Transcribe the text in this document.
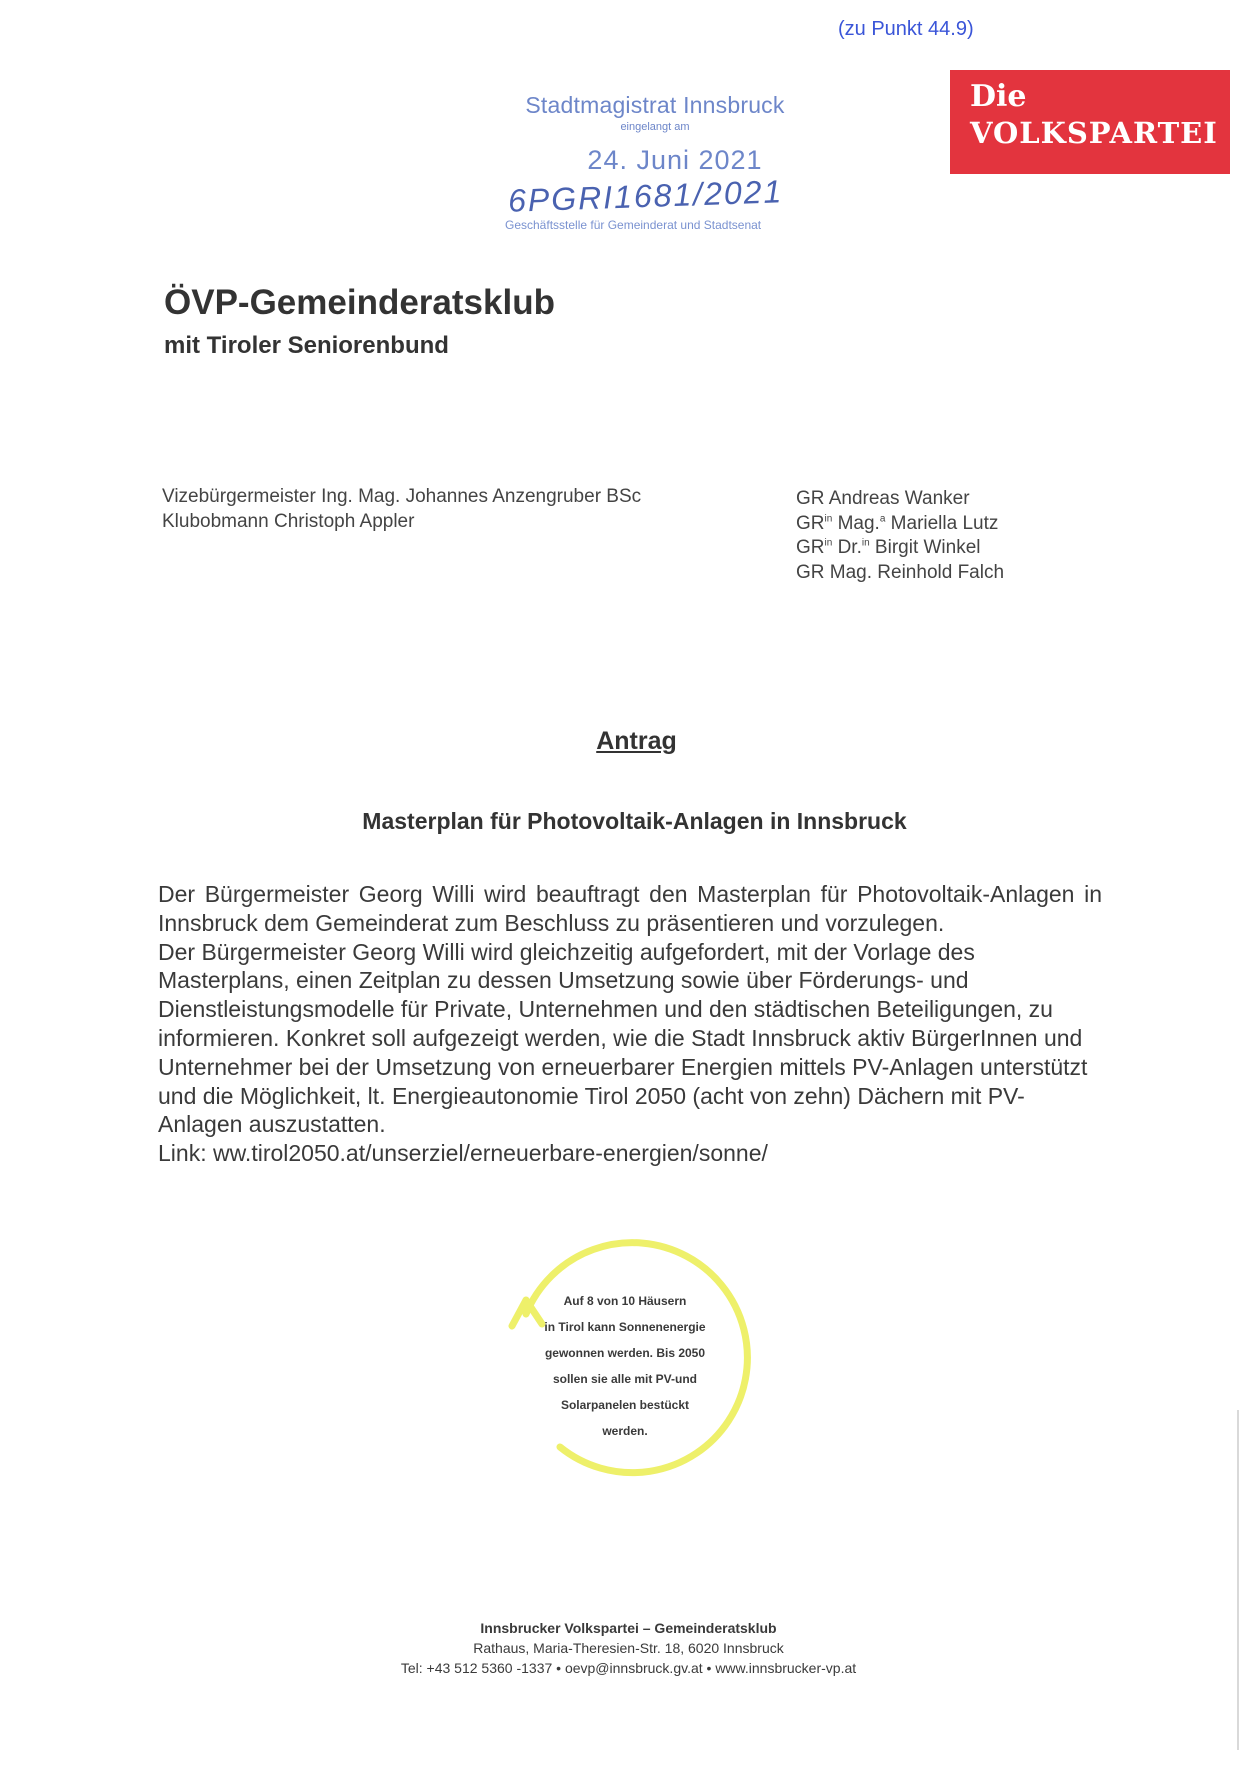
(zu Punkt 44.9)
Stadtmagistrat Innsbruck
eingelangt am
24. Juni 2021
6PGRI1681/2021
Geschäftsstelle für Gemeinderat und Stadtsenat
Die
VOLKSPARTEI
ÖVP-Gemeinderatsklub
mit Tiroler Seniorenbund
Vizebürgermeister Ing. Mag. Johannes Anzengruber BSc
Klubobmann Christoph Appler
GR Andreas Wanker
$GR^{in}$ Mag.$^a$ Mariella Lutz
$GR^{in}$ Dr.$^{in}$ Birgit Winkel
GR Mag. Reinhold Falch
Antrag
Masterplan für Photovoltaik-Anlagen in Innsbruck
Der Bürgermeister Georg Willi wird beauftragt den Masterplan für Photovoltaik-Anlagen in Innsbruck dem Gemeinderat zum Beschluss zu präsentieren und vorzulegen.
Der Bürgermeister Georg Willi wird gleichzeitig aufgefordert, mit der Vorlage des Masterplans, einen Zeitplan zu dessen Umsetzung sowie über Förderungs- und Dienstleistungsmodelle für Private, Unternehmen und den städtischen Beteiligungen, zu informieren. Konkret soll aufgezeigt werden, wie die Stadt Innsbruck aktiv BürgerInnen und Unternehmer bei der Umsetzung von erneuerbarer Energien mittels PV-Anlagen unterstützt und die Möglichkeit, lt. Energieautonomie Tirol 2050 (acht von zehn) Dächern mit PV-Anlagen auszustatten.
Link: ww.tirol2050.at/unserziel/erneuerbare-energien/sonne/
Auf 8 von 10 Häusern
in Tirol kann Sonnenenergie
gewonnen werden. Bis 2050
sollen sie alle mit PV-und
Solarpanelen bestückt
werden.
Innsbrucker Volkspartei – Gemeinderatsklub
Rathaus, Maria-Theresien-Str. 18, 6020 Innsbruck
Tel: +43 512 5360 -1337 • oevp@innsbruck.gv.at • www.innsbrucker-vp.at
